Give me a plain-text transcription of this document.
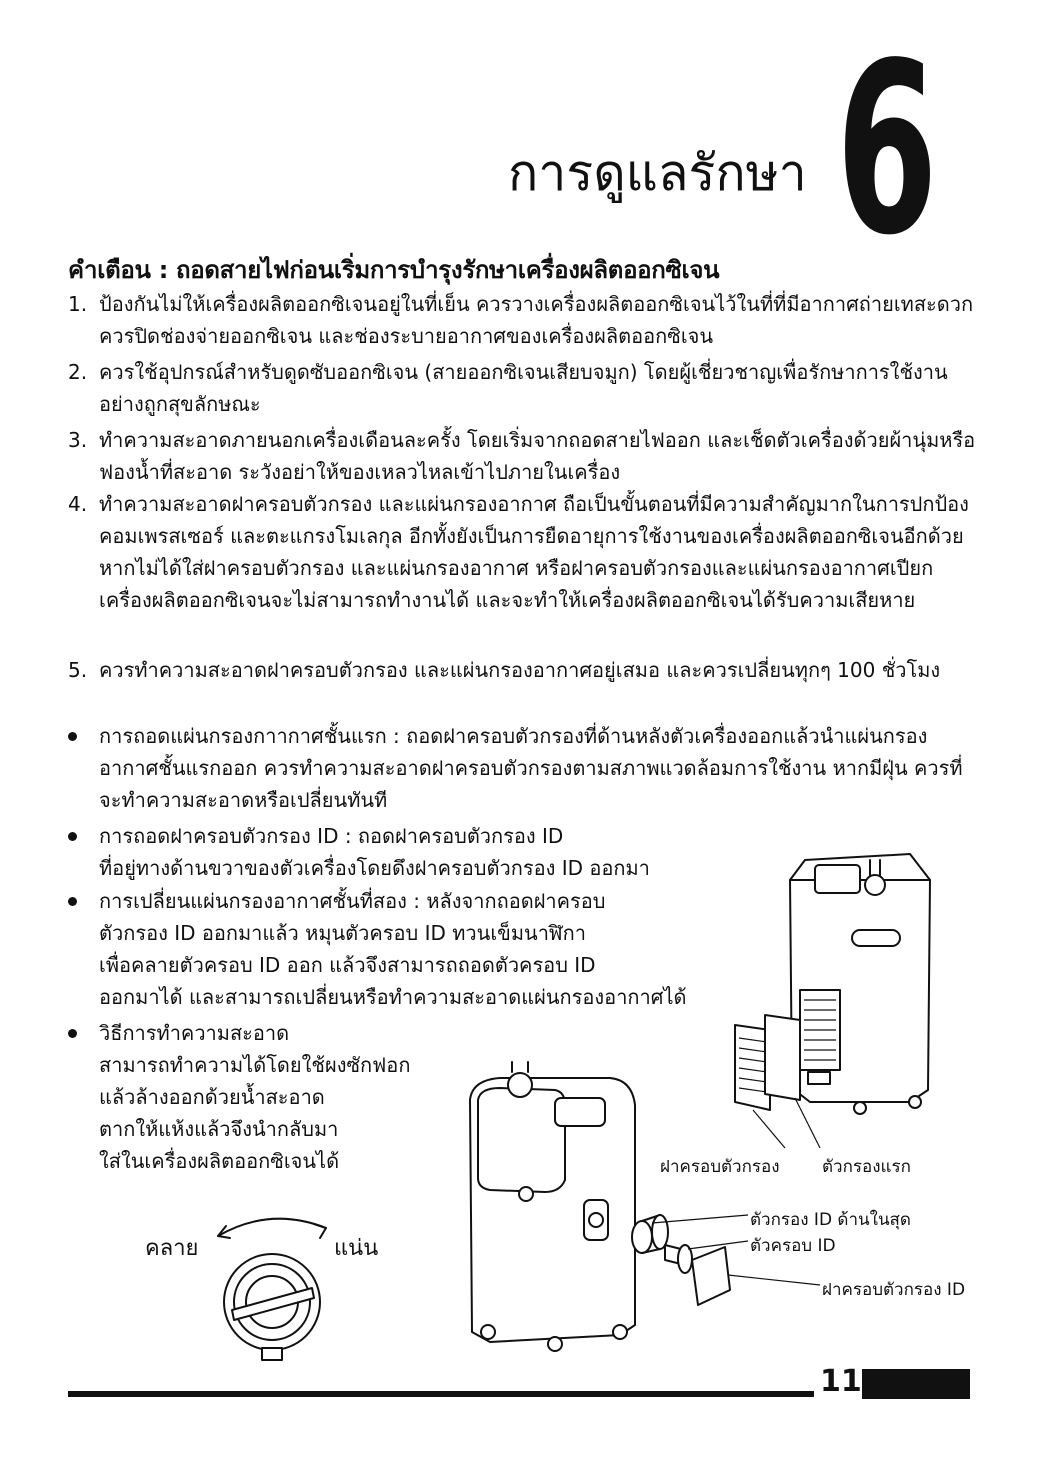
การดูแลรักษา 6
คำเตือน : ถอดสายไฟก่อนเริ่มการบำรุงรักษาเครื่องผลิตออกซิเจน
1. ป้องกันไม่ให้เครื่องผลิตออกซิเจนอยู่ในที่เย็น ควรวางเครื่องผลิตออกซิเจนไว้ในที่ที่มีอากาศถ่ายเทสะดวก ควรปิดช่องจ่ายออกซิเจน และช่องระบายอากาศของเครื่องผลิตออกซิเจน
2. ควรใช้อุปกรณ์สำหรับดูดซับออกซิเจน (สายออกซิเจนเสียบจมูก) โดยผู้เชี่ยวชาญเพื่อรักษาการใช้งานอย่างถูกสุขลักษณะ
3. ทำความสะอาดภายนอกเครื่องเดือนละครั้ง โดยเริ่มจากถอดสายไฟออก และเช็ดตัวเครื่องด้วยผ้านุ่มหรือฟองน้ำที่สะอาด ระวังอย่าให้ของเหลวไหลเข้าไปภายในเครื่อง
4. ทำความสะอาดฝาครอบตัวกรอง และแผ่นกรองอากาศ ถือเป็นขั้นตอนที่มีความสำคัญมากในการปกป้องคอมเพรสเซอร์ และตะแกรงโมเลกุล อีกทั้งยังเป็นการยืดอายุการใช้งานของเครื่องผลิตออกซิเจนอีกด้วย หากไม่ได้ใส่ฝาครอบตัวกรอง และแผ่นกรองอากาศ หรือฝาครอบตัวกรองและแผ่นกรองอากาศเปียก เครื่องผลิตออกซิเจนจะไม่สามารถทำงานได้ และจะทำให้เครื่องผลิตออกซิเจนได้รับความเสียหาย
5. ควรทำความสะอาดฝาครอบตัวกรอง และแผ่นกรองอากาศอยู่เสมอ และควรเปลี่ยนทุกๆ 100 ชั่วโมง
การถอดแผ่นกรองกาากาศชั้นแรก : ถอดฝาครอบตัวกรองที่ด้านหลังตัวเครื่องออกแล้วนำแผ่นกรองอากาศชั้นแรกออก ควรทำความสะอาดฝาครอบตัวกรองตามสภาพแวดล้อมการใช้งาน หากมีฝุ่น ควรที่จะทำความสะอาดหรือเปลี่ยนทันที
การถอดฝาครอบตัวกรอง ID : ถอดฝาครอบตัวกรอง ID
ที่อยู่ทางด้านขวาของตัวเครื่องโดยดึงฝาครอบตัวกรอง ID ออกมา
การเปลี่ยนแผ่นกรองอากาศชั้นที่สอง : หลังจากถอดฝาครอบ
ตัวกรอง ID ออกมาแล้ว หมุนตัวครอบ ID ทวนเข็มนาฬิกา
เพื่อคลายตัวครอบ ID ออก แล้วจึงสามารถถอดตัวครอบ ID
ออกมาได้ และสามารถเปลี่ยนหรือทำความสะอาดแผ่นกรองอากาศได้
วิธีการทำความสะอาด
สามารถทำความได้โดยใช้ผงซักฟอก
แล้วล้างออกด้วยน้ำสะอาด
ตากให้แห้งแล้วจึงนำกลับมา
ใส่ในเครื่องผลิตออกซิเจนได้	ฝาครอบตัวกรอง ตัวกรองแรก
ตัวกรอง ID ด้านในสุด
ตัวครอบ ID
ฝาครอบตัวกรอง ID
คลาย	แน่น
11
